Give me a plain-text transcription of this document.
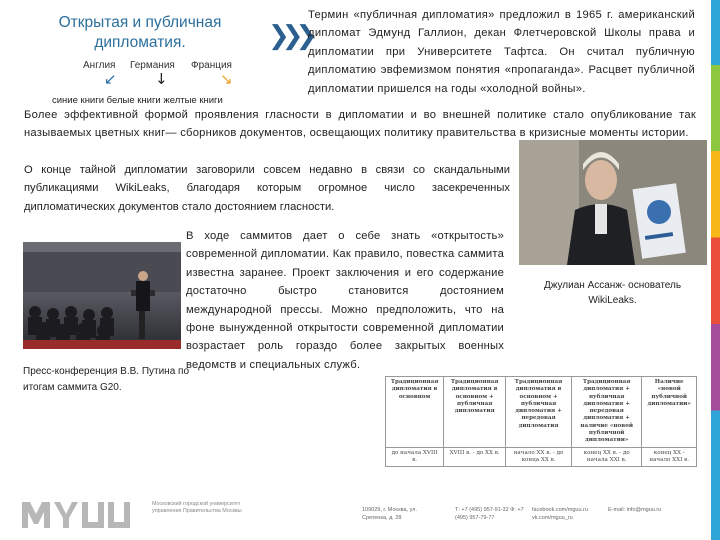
Открытая и публичная дипломатия.	❯❯❯
Англия Германия Франция
↙	↓	↘
синие книги белые книги желтые книги
Термин «публичная дипломатия» предложил в 1965 г. американский дипломат Эдмунд Галлион, декан Флетчеровской Школы права и дипломатии при Университете Тафтса. Он считал публичную дипломатию эвфемизмом понятия «пропаганда». Расцвет публичной дипломатии пришелся на годы «холодной войны».
Более эффективной формой проявления гласности в дипломатии и во внешней политике стало опубликование так называемых цветных книг— сборников документов, освещающих политику правительства в кризисные моменты истории.
О конце тайной дипломатии заговорили совсем недавно в связи со скандальными публикациями WikiLeaks, благодаря которым огромное число засекреченных дипломатических документов стало достоянием гласности.
В ходе саммитов дает о себе знать «открытость» современной дипломатии. Как правило, повестка саммита известна заранее. Проект заключения и его содержание достаточно быстро становится достоянием международной прессы. Можно предположить, что на фоне вынужденной открытости современной дипломатии возрастает роль гораздо более закрытых военных ведомств и специальных служб.
Пресс-конференция В.В. Путина по итогам саммита G20.
Джулиан Ассанж- основатель WikiLeaks.
Традиционная дипломатия в основном	Традиционная дипломатия в основном + публичная дипломатия	Традиционная дипломатия в основном + публичная дипломатия + передовая дипломатия	Традиционная дипломатия + публичная дипломатия + передовая дипломатия + наличие «новой публичной дипломатии»	Наличие «новой публичной дипломатии»
до начала XVIII в.	XVIII в. - до XX в.	начало XX в. - до конца XX в.	конец XX в. - до начала XXI в.	конец XX - начало XXI в.
Московский городской университет управления Правительства Москвы	109029, г. Москва, ул. Сретенка, д. 28
Т: +7 (495) 957-91-32 Ф: +7 (495) 957-79-77
facebook.com/mguu.ru vk.com/mguu_ru
E-mail: info@mguu.ru
